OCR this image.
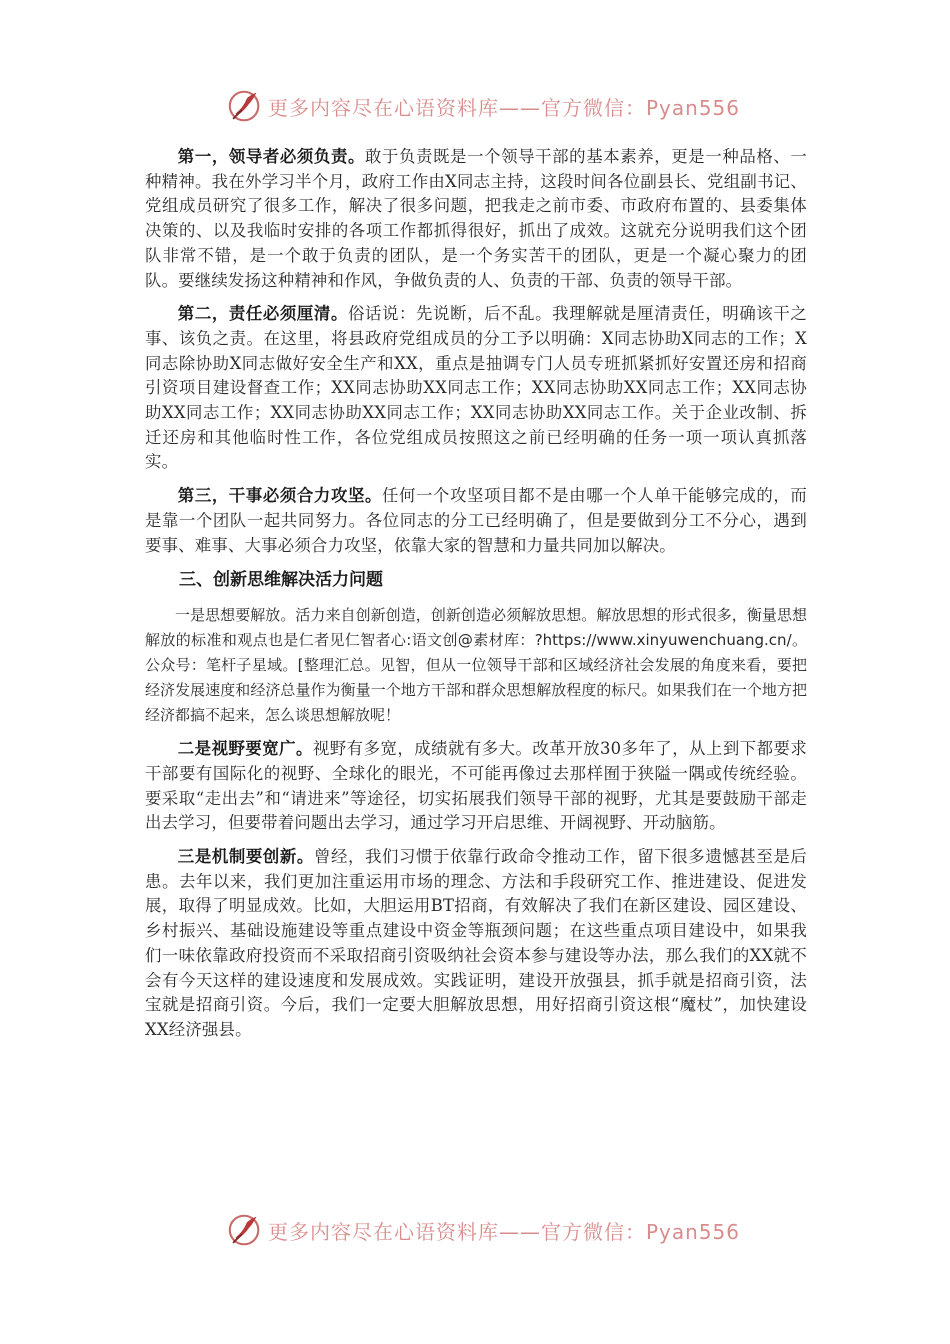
更多内容尽在心语资料库——官方微信：Pyan556

第一，领导者必须负责。敢于负责既是一个领导干部的基本素养，更是一种品格、一种精神。我在外学习半个月，政府工作由X同志主持，这段时间各位副县长、党组副书记、党组成员研究了很多工作，解决了很多问题，把我走之前市委、市政府布置的、县委集体决策的、以及我临时安排的各项工作都抓得很好，抓出了成效。这就充分说明我们这个团队非常不错，是一个敢于负责的团队，是一个务实苦干的团队，更是一个凝心聚力的团队。要继续发扬这种精神和作风，争做负责的人、负责的干部、负责的领导干部。

第二，责任必须厘清。俗话说：先说断，后不乱。我理解就是厘清责任，明确该干之事、该负之责。在这里，将县政府党组成员的分工予以明确：X同志协助X同志的工作；X同志除协助X同志做好安全生产和XX，重点是抽调专门人员专班抓紧抓好安置还房和招商引资项目建设督查工作；XX同志协助XX同志工作；XX同志协助XX同志工作；XX同志协助XX同志工作；XX同志协助XX同志工作；XX同志协助XX同志工作。关于企业改制、拆迁还房和其他临时性工作，各位党组成员按照这之前已经明确的任务一项一项认真抓落实。

第三，干事必须合力攻坚。任何一个攻坚项目都不是由哪一个人单干能够完成的，而是靠一个团队一起共同努力。各位同志的分工已经明确了，但是要做到分工不分心，遇到要事、难事、大事必须合力攻坚，依靠大家的智慧和力量共同加以解决。

三、创新思维解决活力问题

一是思想要解放。活力来自创新创造，创新创造必须解放思想。解放思想的形式很多，衡量思想解放的标准和观点也是仁者见仁智者心:语文创@素材库：?https://www.xinyuwenchuang.cn/。公众号：笔杆子星域。[整理汇总。见智，但从一位领导干部和区域经济社会发展的角度来看，要把经济发展速度和经济总量作为衡量一个地方干部和群众思想解放程度的标尺。如果我们在一个地方把经济都搞不起来，怎么谈思想解放呢！

二是视野要宽广。视野有多宽，成绩就有多大。改革开放30多年了，从上到下都要求干部要有国际化的视野、全球化的眼光，不可能再像过去那样囿于狭隘一隅或传统经验。要采取“走出去”和“请进来”等途径，切实拓展我们领导干部的视野，尤其是要鼓励干部走出去学习，但要带着问题出去学习，通过学习开启思维、开阔视野、开动脑筋。

三是机制要创新。曾经，我们习惯于依靠行政命令推动工作，留下很多遗憾甚至是后患。去年以来，我们更加注重运用市场的理念、方法和手段研究工作、推进建设、促进发展，取得了明显成效。比如，大胆运用BT招商，有效解决了我们在新区建设、园区建设、乡村振兴、基础设施建设等重点建设中资金等瓶颈问题；在这些重点项目建设中，如果我们一味依靠政府投资而不采取招商引资吸纳社会资本参与建设等办法，那么我们的XX就不会有今天这样的建设速度和发展成效。实践证明，建设开放强县，抓手就是招商引资，法宝就是招商引资。今后，我们一定要大胆解放思想，用好招商引资这根“魔杖”，加快建设XX经济强县。

更多内容尽在心语资料库——官方微信：Pyan556
